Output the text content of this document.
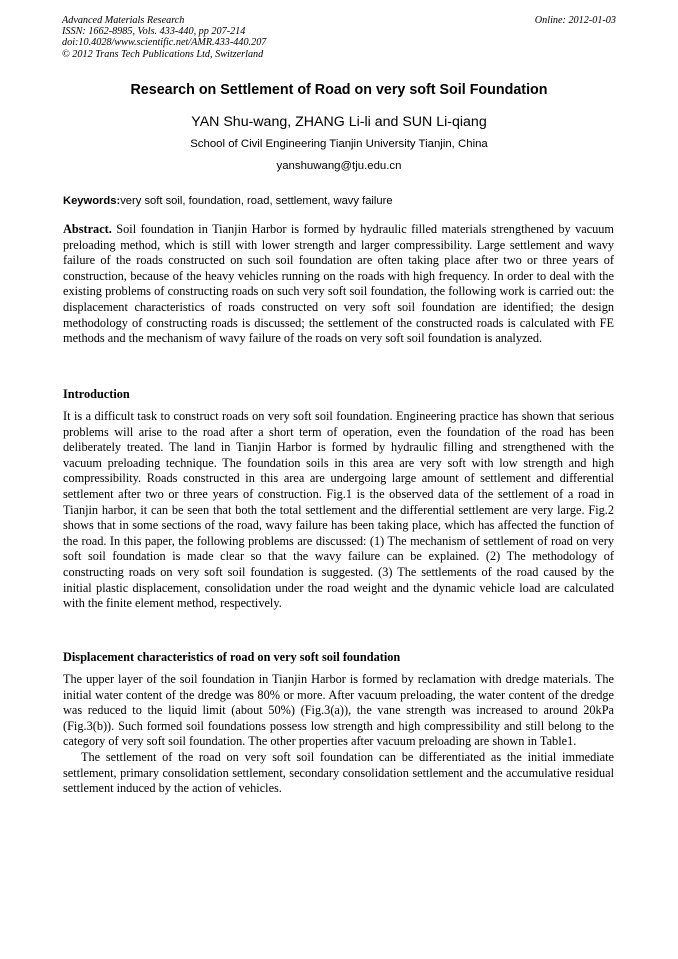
Advanced Materials Research
ISSN: 1662-8985, Vols. 433-440, pp 207-214
doi:10.4028/www.scientific.net/AMR.433-440.207
© 2012 Trans Tech Publications Ltd, Switzerland
Online: 2012-01-03
Research on Settlement of Road on very soft Soil Foundation
YAN Shu-wang, ZHANG Li-li and SUN Li-qiang
School of Civil Engineering Tianjin University Tianjin, China
yanshuwang@tju.edu.cn
Keywords:very soft soil, foundation, road, settlement, wavy failure
Abstract. Soil foundation in Tianjin Harbor is formed by hydraulic filled materials strengthened by vacuum preloading method, which is still with lower strength and larger compressibility. Large settlement and wavy failure of the roads constructed on such soil foundation are often taking place after two or three years of construction, because of the heavy vehicles running on the roads with high frequency. In order to deal with the existing problems of constructing roads on such very soft soil foundation, the following work is carried out: the displacement characteristics of roads constructed on very soft soil foundation are identified; the design methodology of constructing roads is discussed; the settlement of the constructed roads is calculated with FE methods and the mechanism of wavy failure of the roads on very soft soil foundation is analyzed.
Introduction

It is a difficult task to construct roads on very soft soil foundation. Engineering practice has shown that serious problems will arise to the road after a short term of operation, even the foundation of the road has been deliberately treated. The land in Tianjin Harbor is formed by hydraulic filling and strengthened with the vacuum preloading technique. The foundation soils in this area are very soft with low strength and high compressibility. Roads constructed in this area are undergoing large amount of settlement and differential settlement after two or three years of construction. Fig.1 is the observed data of the settlement of a road in Tianjin harbor, it can be seen that both the total settlement and the differential settlement are very large. Fig.2 shows that in some sections of the road, wavy failure has been taking place, which has affected the function of the road. In this paper, the following problems are discussed: (1) The mechanism of settlement of road on very soft soil foundation is made clear so that the wavy failure can be explained. (2) The methodology of constructing roads on very soft soil foundation is suggested. (3) The settlements of the road caused by the initial plastic displacement, consolidation under the road weight and the dynamic vehicle load are calculated with the finite element method, respectively.

Displacement characteristics of road on very soft soil foundation

The upper layer of the soil foundation in Tianjin Harbor is formed by reclamation with dredge materials. The initial water content of the dredge was 80% or more. After vacuum preloading, the water content of the dredge was reduced to the liquid limit (about 50%) (Fig.3(a)), the vane strength was increased to around 20kPa (Fig.3(b)). Such formed soil foundations possess low strength and high compressibility and still belong to the category of very soft soil foundation. The other properties after vacuum preloading are shown in Table1.

The settlement of the road on very soft soil foundation can be differentiated as the initial immediate settlement, primary consolidation settlement, secondary consolidation settlement and the accumulative residual settlement induced by the action of vehicles.
